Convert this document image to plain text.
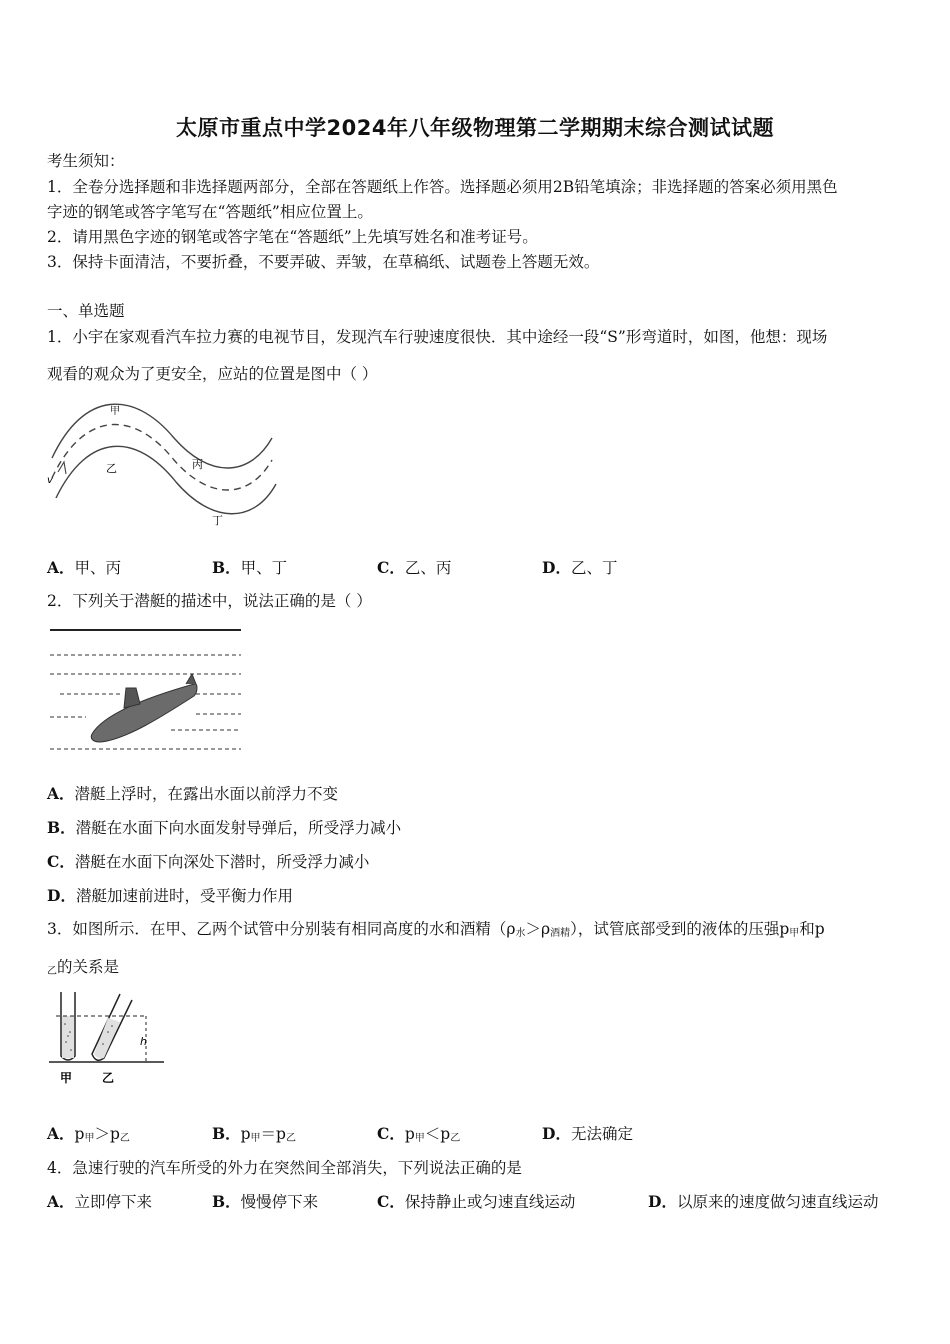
太原市重点中学2024年八年级物理第二学期期末综合测试试题
考生须知：
1．全卷分选择题和非选择题两部分，全部在答题纸上作答。选择题必须用2B铅笔填涂；非选择题的答案必须用黑色
字迹的钢笔或答字笔写在“答题纸”相应位置上。
2．请用黑色字迹的钢笔或答字笔在“答题纸”上先填写姓名和准考证号。
3．保持卡面清洁，不要折叠，不要弄破、弄皱，在草稿纸、试题卷上答题无效。
一、单选题
1．小宇在家观看汽车拉力赛的电视节目，发现汽车行驶速度很快．其中途经一段“S”形弯道时，如图，他想：现场
观看的观众为了更安全，应站的位置是图中（ ）
甲
乙	丙
丁
v
A．甲、丙	B．甲、丁	C．乙、丙	D．乙、丁
2．下列关于潜艇的描述中，说法正确的是（ ）
A．潜艇上浮时，在露出水面以前浮力不变
B．潜艇在水面下向水面发射导弹后，所受浮力减小
C．潜艇在水面下向深处下潜时，所受浮力减小
D．潜艇加速前进时，受平衡力作用
3．如图所示．在甲、乙两个试管中分别装有相同高度的水和酒精$(\rho_水>\rho_{酒精})$，试管底部受到的液体的压强$p_甲$和p
$_乙$的关系是
h
甲 乙
A．$p_甲>p_乙$	B．$p_甲=p_乙$	C．$p_甲<p_乙$	D．无法确定
4．急速行驶的汽车所受的外力在突然间全部消失，下列说法正确的是
A．立即停下来	B．慢慢停下来	C．保持静止或匀速直线运动	D．以原来的速度做匀速直线运动
